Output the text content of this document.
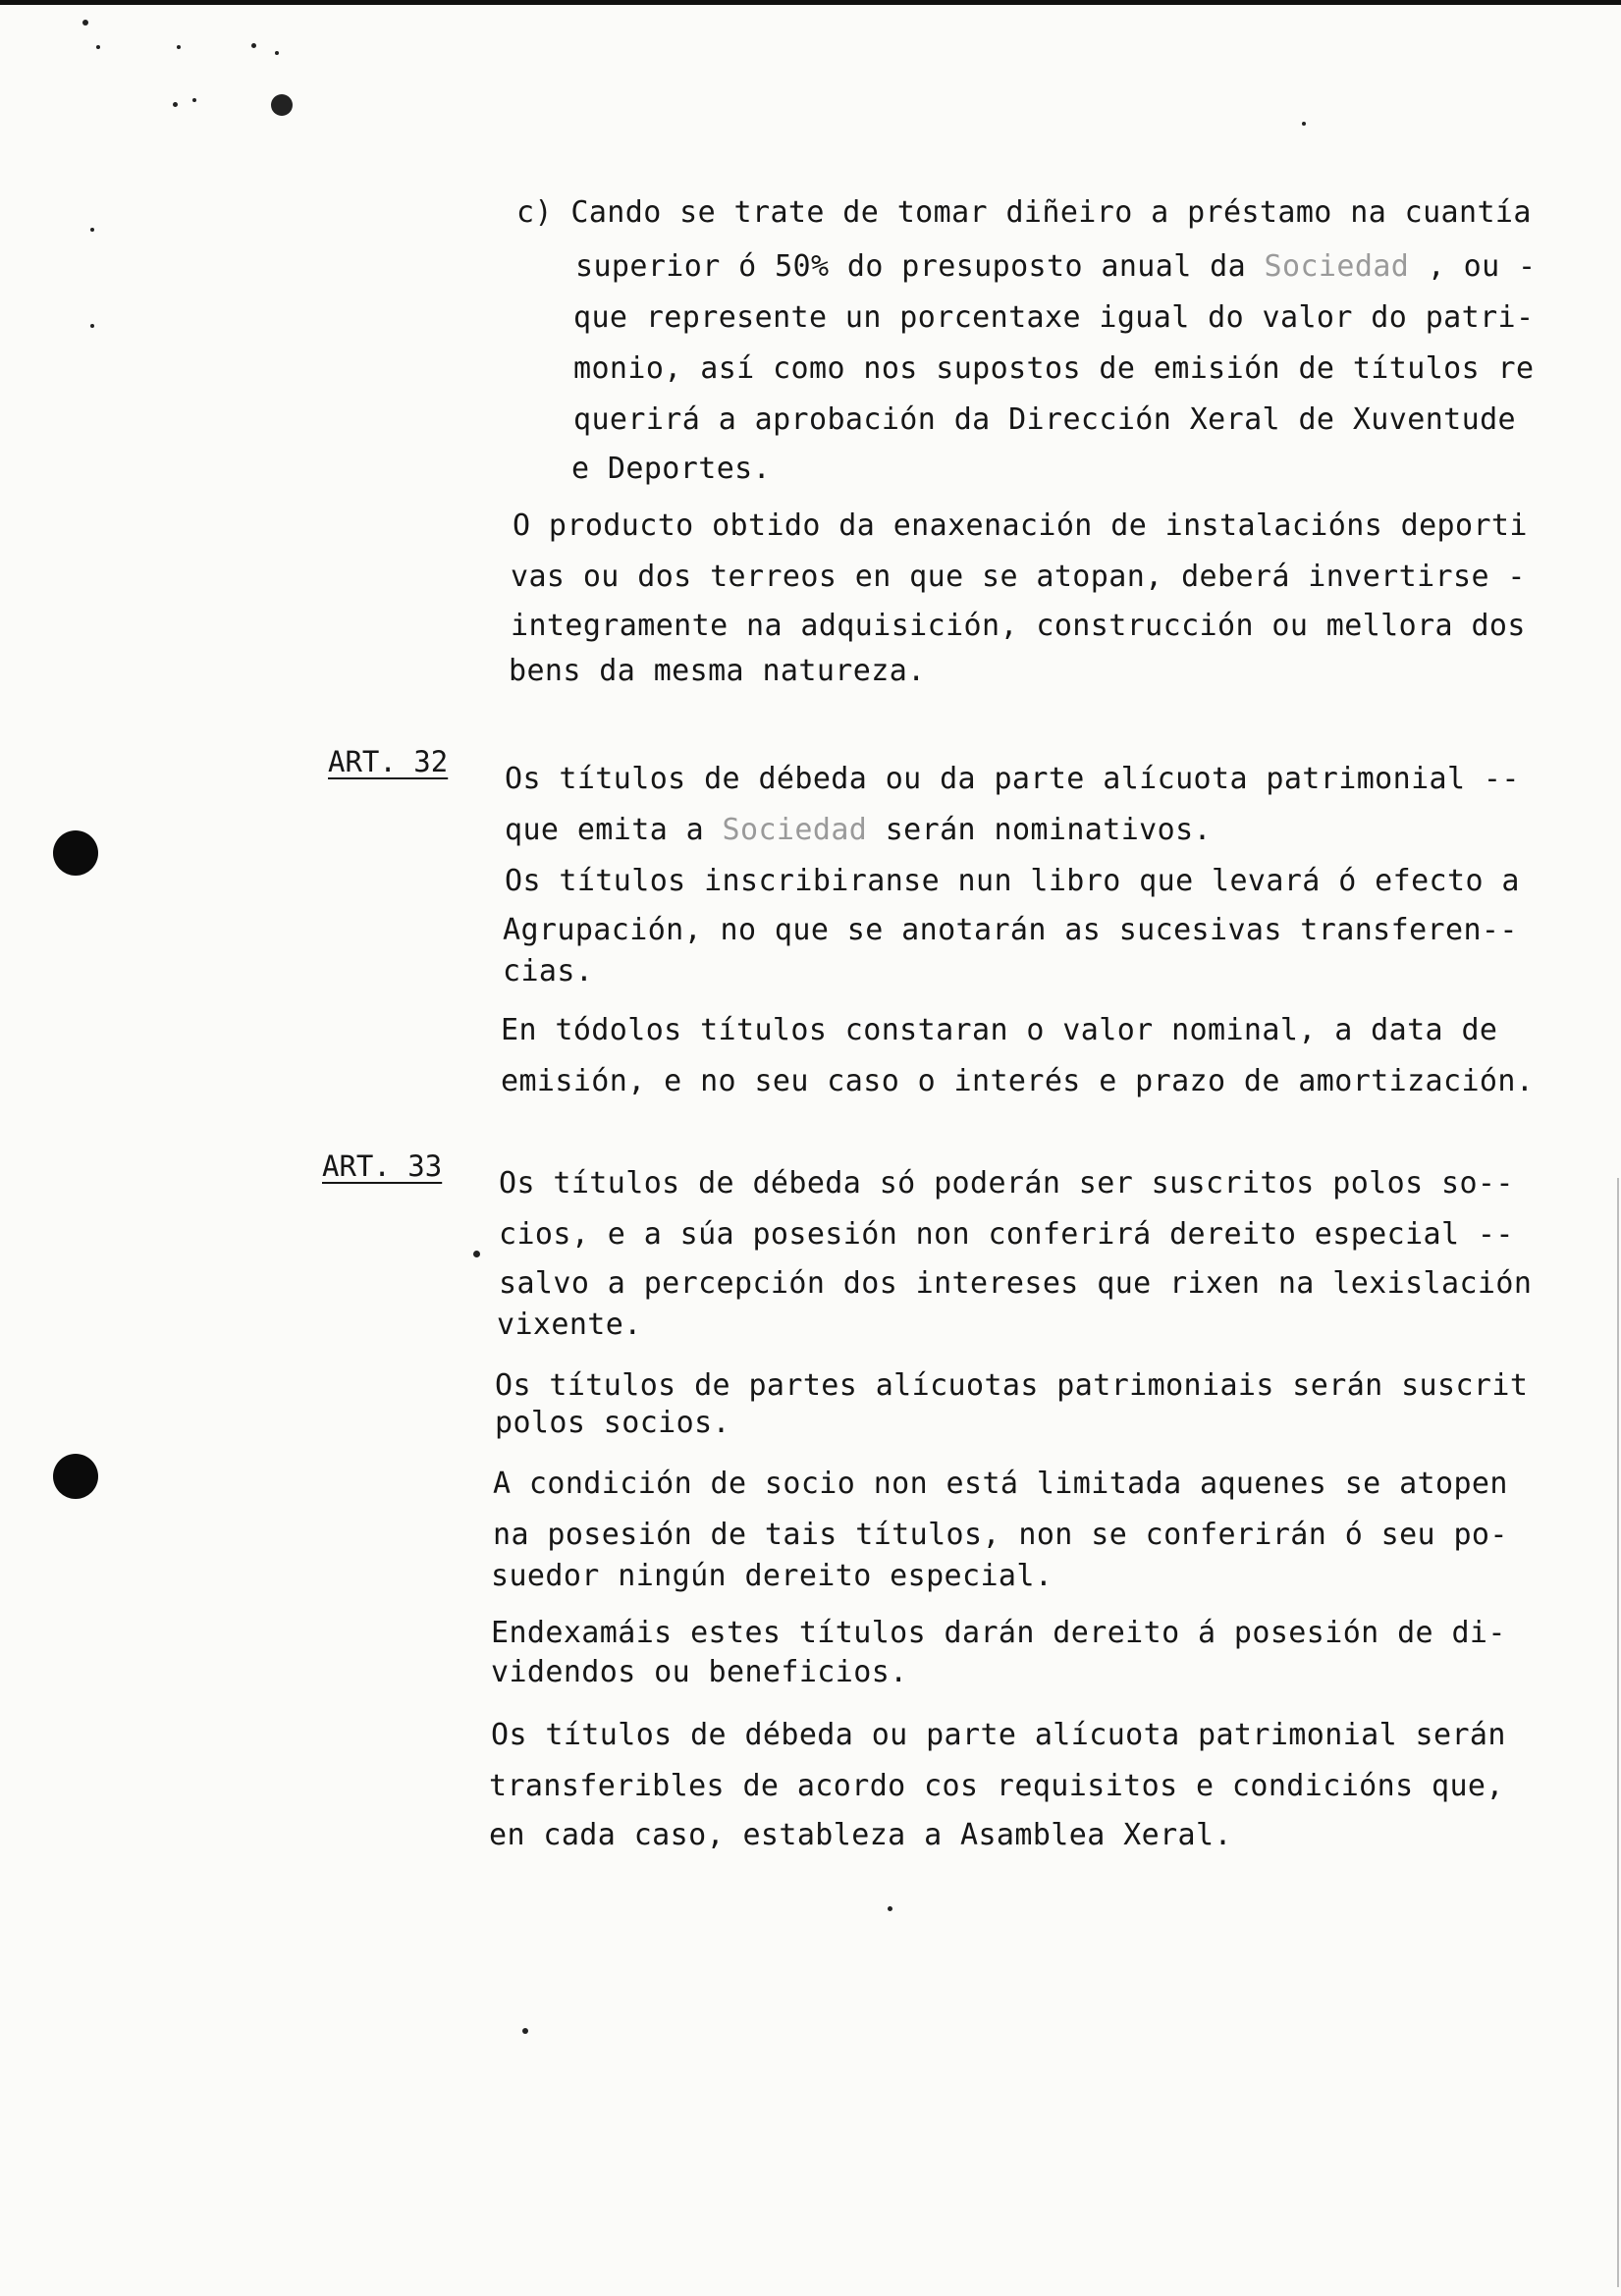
c) Cando se trate de tomar diñeiro a préstamo na cuantía
superior ó 50% do presuposto anual da Sociedad , ou -
que represente un porcentaxe igual do valor do patri-
monio, así como nos supostos de emisión de títulos re
querirá a aprobación da Dirección Xeral de Xuventude
e Deportes.
O producto obtido da enaxenación de instalacións deporti
vas ou dos terreos en que se atopan, deberá invertirse -
integramente na adquisición, construcción ou mellora dos
bens da mesma natureza.
ART. 32 Os títulos de débeda ou da parte alícuota patrimonial --
que emita a Sociedad serán nominativos.
Os títulos inscribiranse nun libro que levará ó efecto a
Agrupación, no que se anotarán as sucesivas transferen--
cias.
En tódolos títulos constaran o valor nominal, a data de
emisión, e no seu caso o interés e prazo de amortización.
ART. 33 Os títulos de débeda só poderán ser suscritos polos so--
cios, e a súa posesión non conferirá dereito especial --
salvo a percepción dos intereses que rixen na lexislación
vixente.
Os títulos de partes alícuotas patrimoniais serán suscrit
polos socios.
A condición de socio non está limitada aquenes se atopen
na posesión de tais títulos, non se conferirán ó seu po-
suedor ningún dereito especial.
Endexamáis estes títulos darán dereito á posesión de di-
videndos ou beneficios.
Os títulos de débeda ou parte alícuota patrimonial serán
transferibles de acordo cos requisitos e condicións que,
en cada caso, estableza a Asamblea Xeral.
